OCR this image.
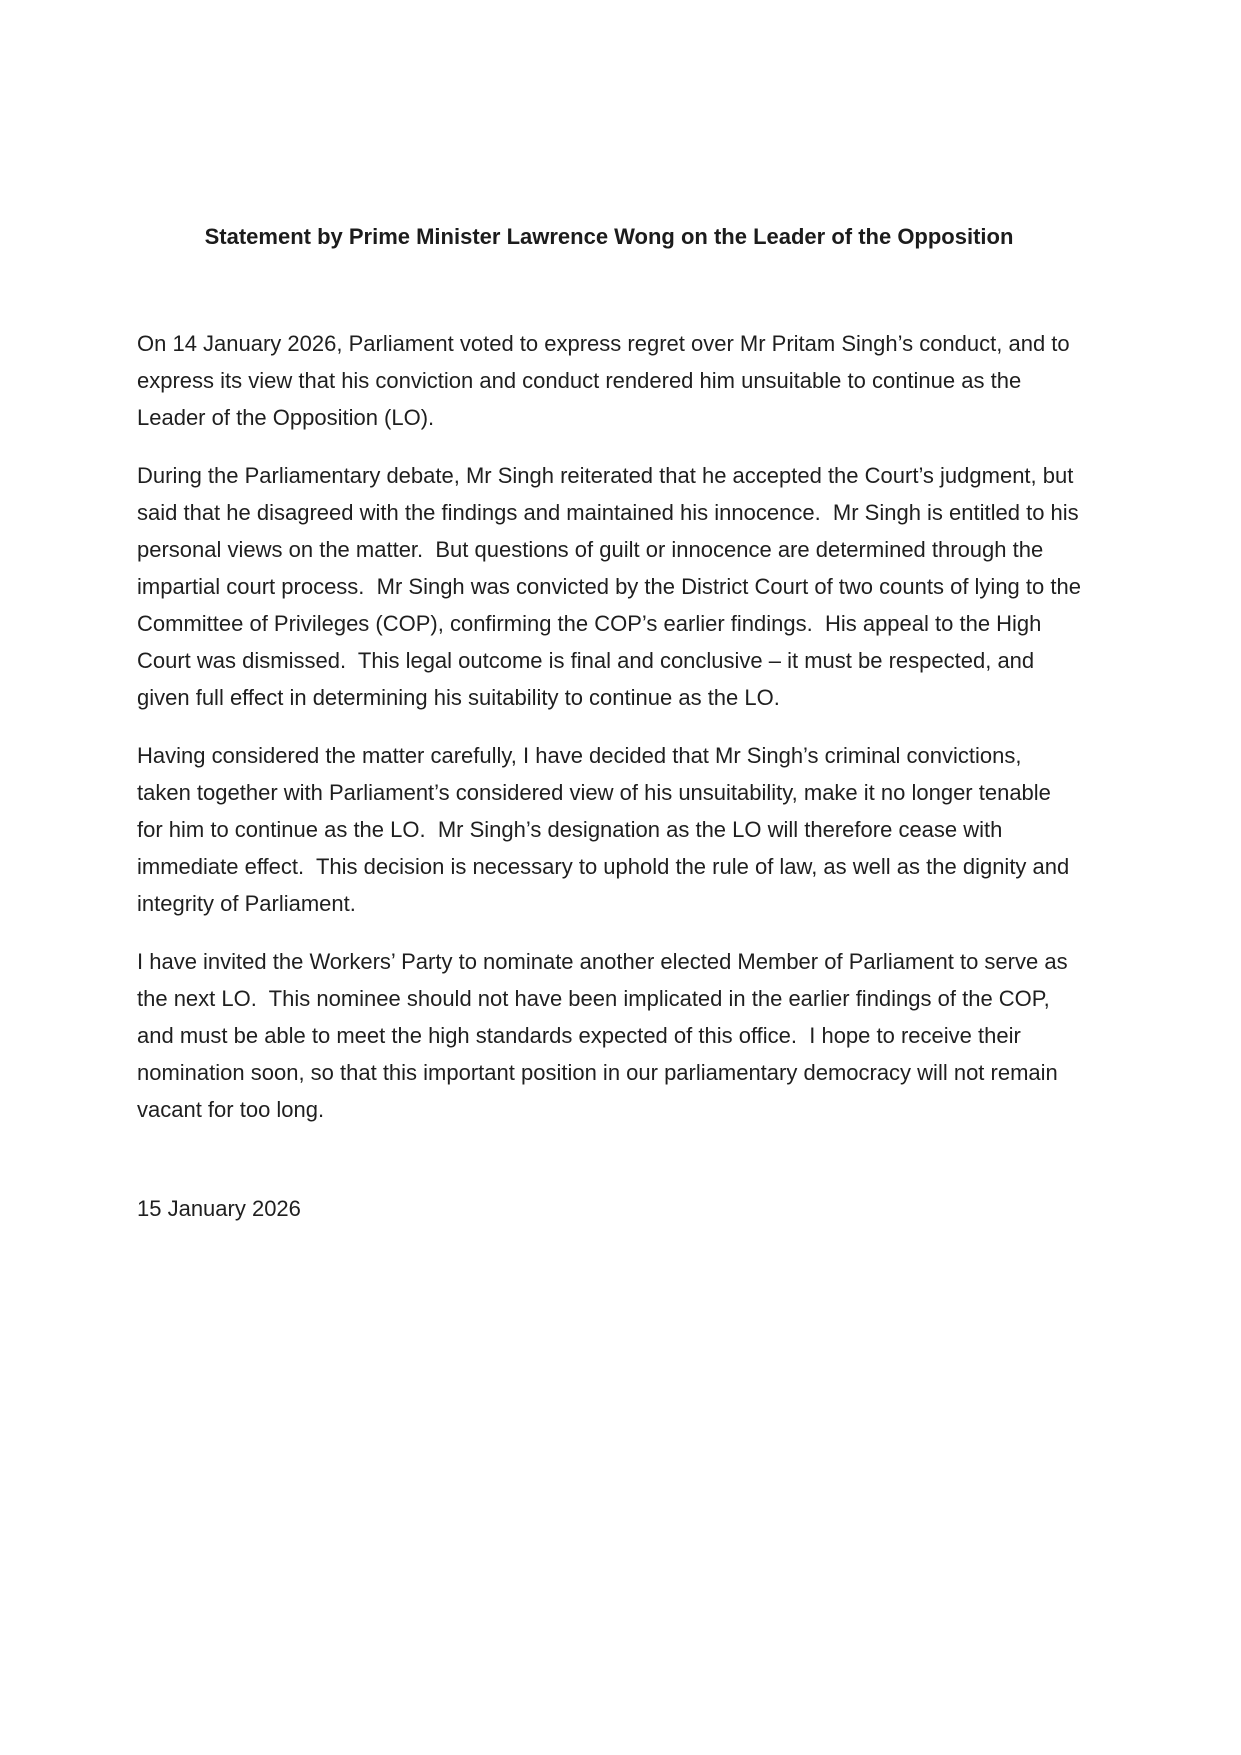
Statement by Prime Minister Lawrence Wong on the Leader of the Opposition

On 14 January 2026, Parliament voted to express regret over Mr Pritam Singh’s conduct, and to express its view that his conviction and conduct rendered him unsuitable to continue as the Leader of the Opposition (LO).

During the Parliamentary debate, Mr Singh reiterated that he accepted the Court’s judgment, but said that he disagreed with the findings and maintained his innocence.  Mr Singh is entitled to his personal views on the matter.  But questions of guilt or innocence are determined through the impartial court process.  Mr Singh was convicted by the District Court of two counts of lying to the Committee of Privileges (COP), confirming the COP’s earlier findings.  His appeal to the High Court was dismissed.  This legal outcome is final and conclusive – it must be respected, and given full effect in determining his suitability to continue as the LO.

Having considered the matter carefully, I have decided that Mr Singh’s criminal convictions, taken together with Parliament’s considered view of his unsuitability, make it no longer tenable for him to continue as the LO.  Mr Singh’s designation as the LO will therefore cease with immediate effect.  This decision is necessary to uphold the rule of law, as well as the dignity and integrity of Parliament.

I have invited the Workers’ Party to nominate another elected Member of Parliament to serve as the next LO.  This nominee should not have been implicated in the earlier findings of the COP, and must be able to meet the high standards expected of this office.  I hope to receive their nomination soon, so that this important position in our parliamentary democracy will not remain vacant for too long.

15 January 2026
